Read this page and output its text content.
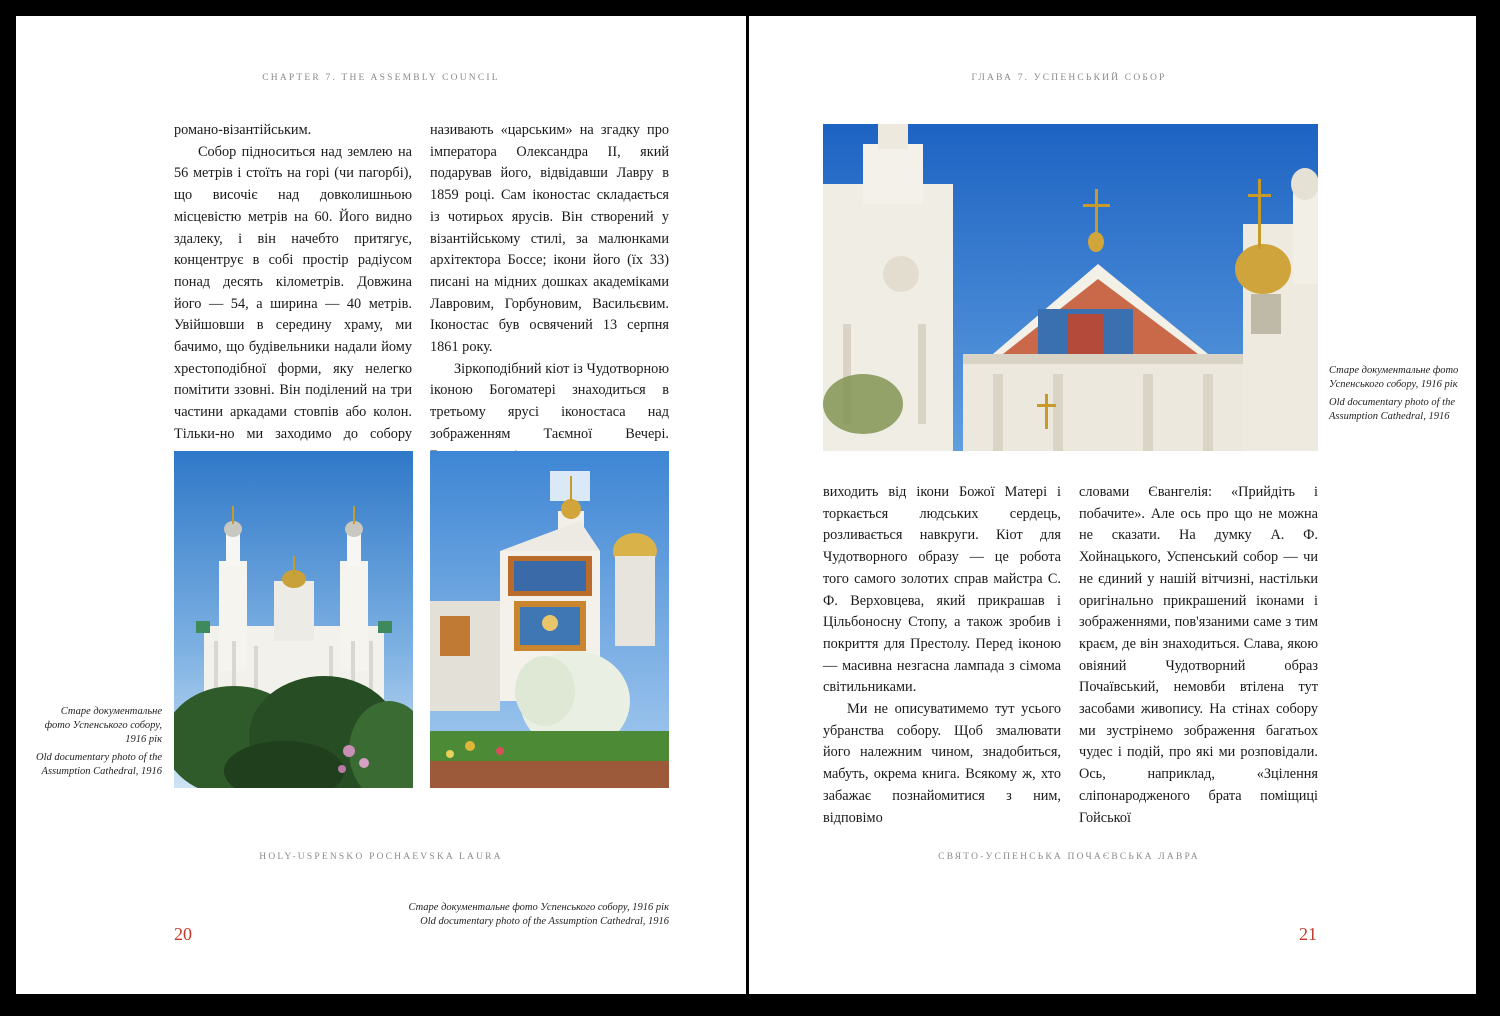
CHAPTER 7. THE ASSEMBLY COUNCIL

романо-візантійським.

Собор підноситься над землею на 56 метрів і стоїть на горі (чи пагорбі), що височіє над довколишньою місцевістю метрів на 60. Його видно здалеку, і він начебто притягує, концентрує в собі простір радіусом понад десять кілометрів. Довжина його — 54, а ширина — 40 метрів. Увійшовши в середину храму, ми бачимо, що будівельники надали йому хрестоподібної форми, яку нелегко помітити ззовні. Він поділений на три частини аркадами стовпів або колон. Тільки-но ми заходимо до собору

називають «царським» на згадку про імператора Олександра II, який подарував його, відвідавши Лавру в 1859 році. Сам іконостас складається із чотирьох ярусів. Він створений у візантійському стилі, за малюнками архітектора Боссе; ікони його (їх 33) писані на мідних дошках академіками Лавровим, Горбуновим, Васильєвим. Іконостас був освячений 13 серпня 1861 року.

Зіркоподібний кіот із Чудотворною іконою Богоматері знаходиться в третьому ярусі іконостаса над зображенням Таємної Вечері.

Старе документальне фото Успенського собору, 1916 рік
Old documentary photo of the Assumption Cathedral, 1916
HOLY-USPENSKO POCHAEVSKA LAURA
Старе документальне фото Успенського собору, 1916 рік
Old documentary photo of the Assumption Cathedral, 1916
20
ГЛАВА 7. УСПЕНСЬКИЙ СОБОР
Старе документальне фото Успенського собору, 1916 рік
Old documentary photo of the Assumption Cathedral, 1916

виходить від ікони Божої Матері і торкається людських сердець, розливається навкруги. Кіот для Чудотворного образу — це робота того самого золотих справ майстра С. Ф. Верховцева, який прикрашав і Цільбоносну Стопу, а також зробив і покриття для Престолу. Перед іконою — масивна незгасна лампада з сімома світильниками.

Ми не описуватимемо тут усього убранства собору. Щоб змалювати його належним чином, знадобиться, мабуть, окрема книга. Всякому ж, хто забажає познайомитися з ним, відповімо

словами Євангелія: «Прийдіть і побачите». Але ось про що не можна не сказати. На думку А. Ф. Хойнацького, Успенський собор — чи не єдиний у нашій вітчизні, настільки оригінально прикрашений іконами і зображеннями, пов'язаними саме з тим краєм, де він знаходиться. Слава, якою овіяний Чудотворний образ Почаївський, немовби втілена тут засобами живопису. На стінах собору ми зустрінемо зображення багатьох чудес і подій, про які ми розповідали. Ось, наприклад, «Зцілення сліпонародженого брата поміщиці Гойської

СВЯТО-УСПЕНСЬКА ПОЧАЄВСЬКА ЛАВРА
21
